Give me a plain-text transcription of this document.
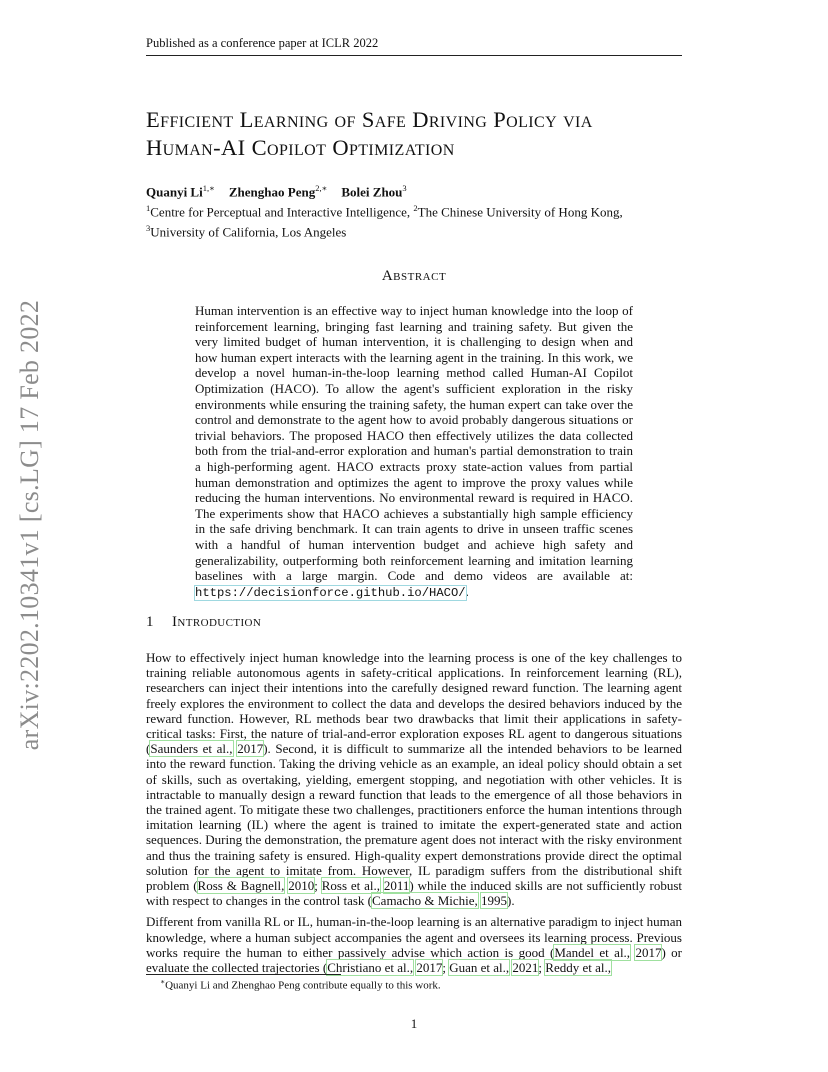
arXiv:2202.10341v1 [cs.LG] 17 Feb 2022
Published as a conference paper at ICLR 2022
Efficient Learning of Safe Driving Policy via
Human-AI Copilot Optimization
Quanyi $Li^{1,∗}$ Zhenghao Peng$^{2,∗}$ Bolei Zhou$^3$
$^1$Centre for Perceptual and Interactive Intelligence, $^2$The Chinese University of Hong Kong,
$^3$University of California, Los Angeles
Abstract
Human intervention is an effective way to inject human knowledge into the loop of reinforcement learning, bringing fast learning and training safety. But given the very limited budget of human intervention, it is challenging to design when and how human expert interacts with the learning agent in the training. In this work, we develop a novel human-in-the-loop learning method called Human-AI Copilot Optimization (HACO). To allow the agent's sufficient exploration in the risky environments while ensuring the training safety, the human expert can take over the control and demonstrate to the agent how to avoid probably dangerous situations or trivial behaviors. The proposed HACO then effectively utilizes the data collected both from the trial-and-error exploration and human's partial demonstration to train a high-performing agent. HACO extracts proxy state-action values from partial human demonstration and optimizes the agent to improve the proxy values while reducing the human interventions. No environmental reward is required in HACO. The experiments show that HACO achieves a substantially high sample efficiency in the safe driving benchmark. It can train agents to drive in unseen traffic scenes with a handful of human intervention budget and achieve high safety and generalizability, outperforming both reinforcement learning and imitation learning baselines with a large margin. Code and demo videos are available at: https://decisionforce.github.io/HACO/.
1 Introduction

How to effectively inject human knowledge into the learning process is one of the key challenges to training reliable autonomous agents in safety-critical applications. In reinforcement learning (RL), researchers can inject their intentions into the carefully designed reward function. The learning agent freely explores the environment to collect the data and develops the desired behaviors induced by the reward function. However, RL methods bear two drawbacks that limit their applications in safety-critical tasks: First, the nature of trial-and-error exploration exposes RL agent to dangerous situations (Saunders et al., 2017). Second, it is difficult to summarize all the intended behaviors to be learned into the reward function. Taking the driving vehicle as an example, an ideal policy should obtain a set of skills, such as overtaking, yielding, emergent stopping, and negotiation with other vehicles. It is intractable to manually design a reward function that leads to the emergence of all those behaviors in the trained agent. To mitigate these two challenges, practitioners enforce the human intentions through imitation learning (IL) where the agent is trained to imitate the expert-generated state and action sequences. During the demonstration, the premature agent does not interact with the risky environment and thus the training safety is ensured. High-quality expert demonstrations provide direct the optimal solution for the agent to imitate from. However, IL paradigm suffers from the distributional shift problem (Ross & Bagnell, 2010; Ross et al., 2011) while the induced skills are not sufficiently robust with respect to changes in the control task (Camacho & Michie, 1995).

Different from vanilla RL or IL, human-in-the-loop learning is an alternative paradigm to inject human knowledge, where a human subject accompanies the agent and oversees its learning process. Previous works require the human to either passively advise which action is good (Mandel et al., 2017) or evaluate the collected trajectories (Christiano et al., 2017; Guan et al., 2021; Reddy et al.,

∗Quanyi Li and Zhenghao Peng contribute equally to this work.
1
